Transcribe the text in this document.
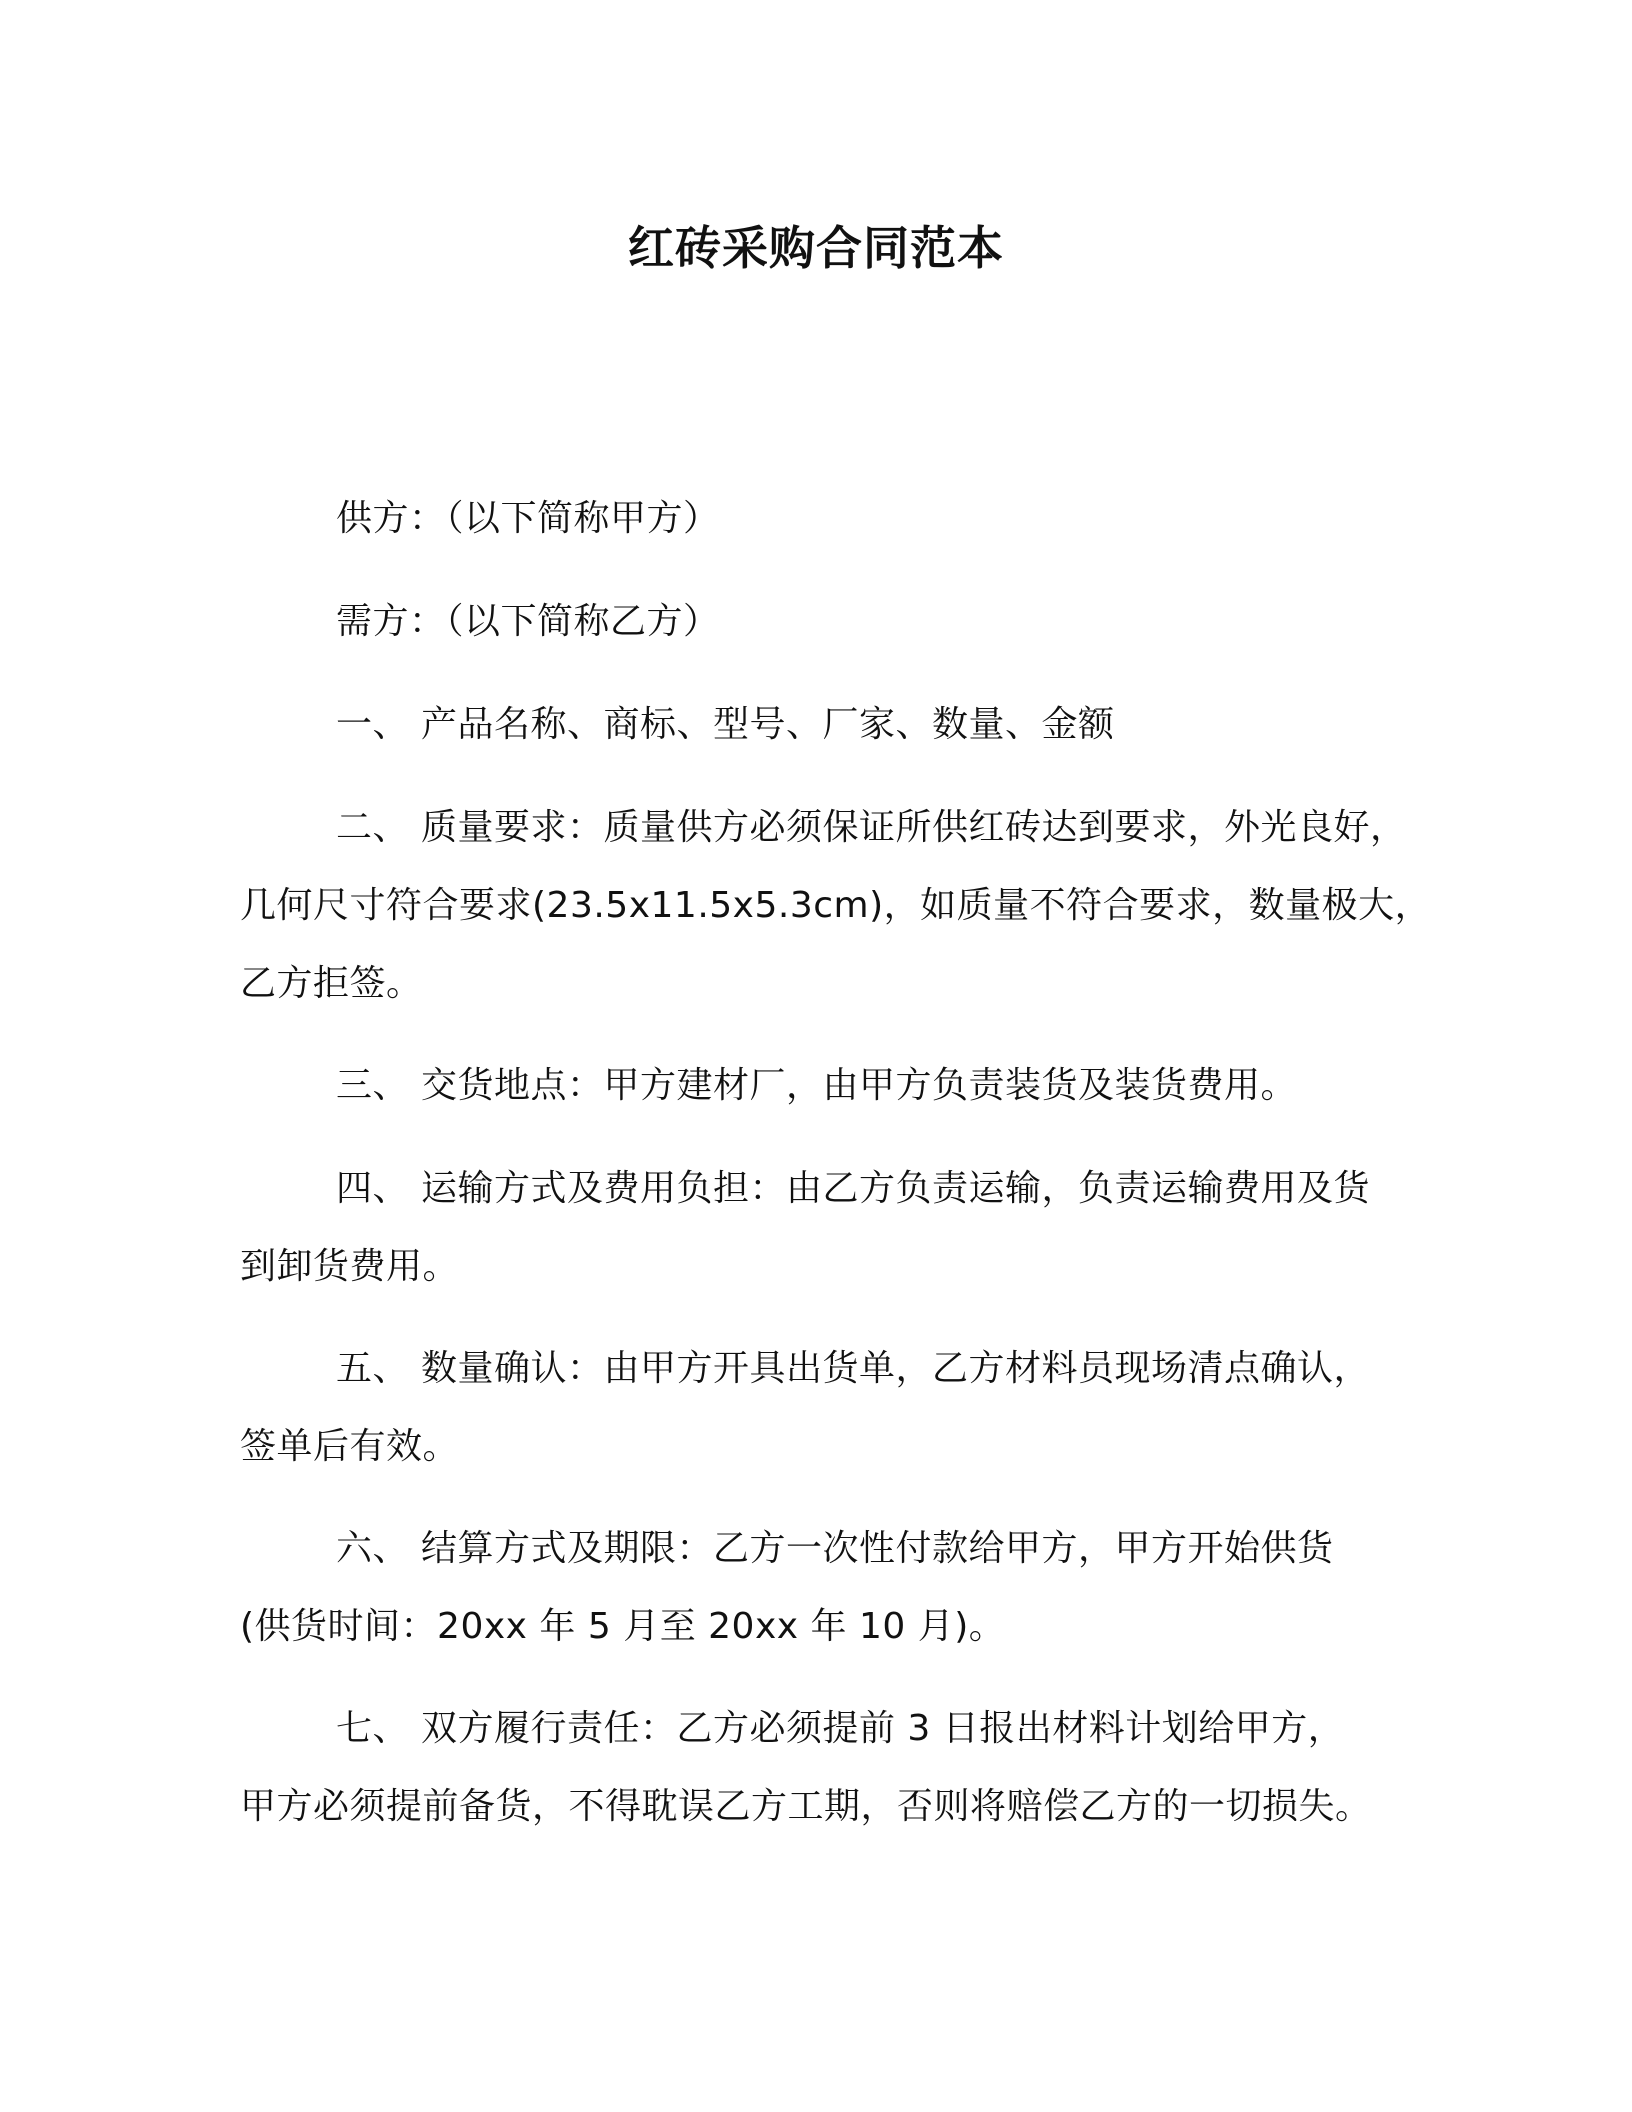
红砖采购合同范本
供方：（以下简称甲方）
需方：（以下简称乙方）
一、 产品名称、商标、型号、厂家、数量、金额
二、 质量要求：质量供方必须保证所供红砖达到要求，外光良好，
几何尺寸符合要求(23.5x11.5x5.3cm)，如质量不符合要求，数量极大，
乙方拒签。
三、 交货地点：甲方建材厂，由甲方负责装货及装货费用。
四、 运输方式及费用负担：由乙方负责运输，负责运输费用及货
到卸货费用。
五、 数量确认：由甲方开具出货单，乙方材料员现场清点确认，
签单后有效。
六、 结算方式及期限：乙方一次性付款给甲方，甲方开始供货
(供货时间：20xx 年 5 月至 20xx 年 10 月)。
七、 双方履行责任：乙方必须提前 3 日报出材料计划给甲方，
甲方必须提前备货，不得耽误乙方工期，否则将赔偿乙方的一切损失。
